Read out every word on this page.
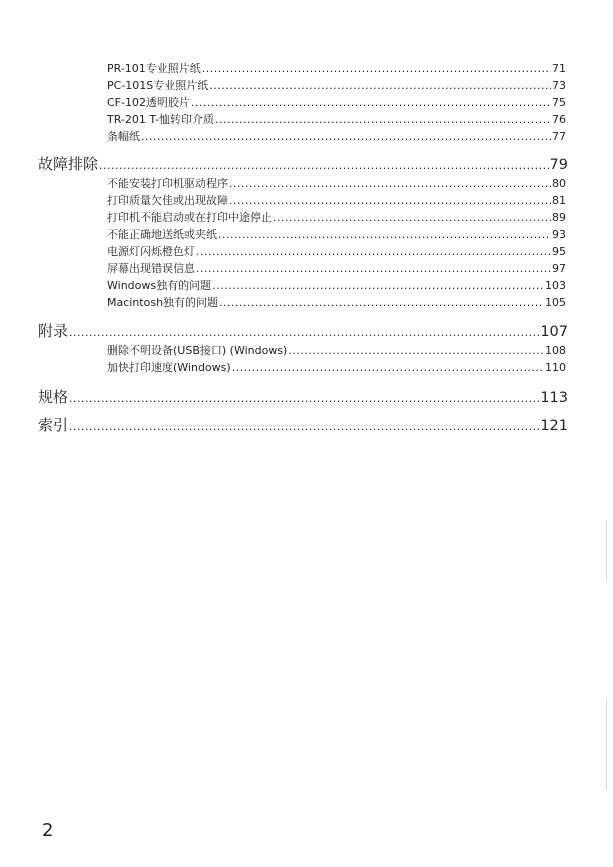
PR-101专业照片纸 .....	71
PC-101S专业照片纸 .....	73
CF-102透明胶片 .....	75
TR-201 T-恤转印介质 .....	76
条幅纸 .....	77
故障排除 .....	79
不能安装打印机驱动程序 .....	80
打印质量欠佳或出现故障 .....	81
打印机不能启动或在打印中途停止 .....	89
不能正确地送纸或夹纸 .....	93
电源灯闪烁橙色灯 .....	95
屏幕出现错误信息 .....	97
Windows独有的问题 .....	103
Macintosh独有的问题 .....	105
附录 .....	107
删除不明设备(USB接口) (Windows) .....	108
加快打印速度(Windows) .....	110
规格 .....	113
索引 .....	121
2
